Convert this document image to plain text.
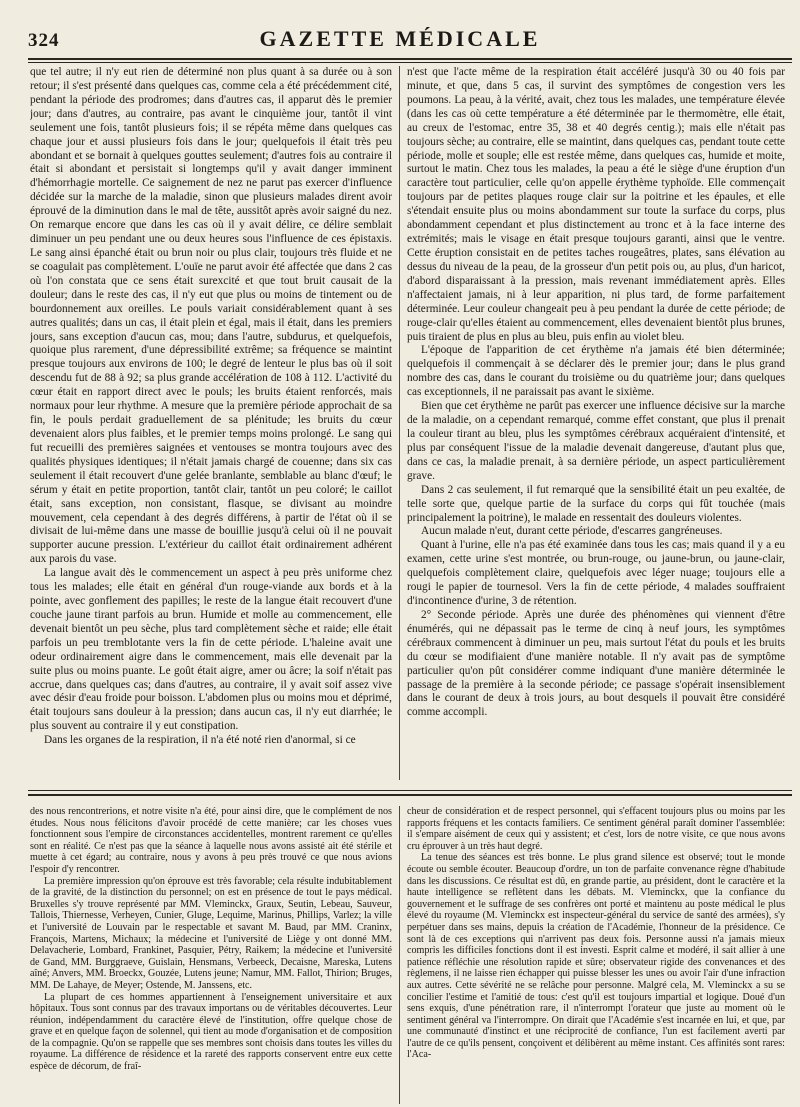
324	GAZETTE MÉDICALE

que tel autre; il n'y eut rien de déterminé non plus quant à sa durée ou à son retour; il s'est présenté dans quelques cas, comme cela a été précédemment cité, pendant la période des prodromes; dans d'autres cas, il apparut dès le premier jour; dans d'autres, au contraire, pas avant le cinquième jour, tantôt il vint seulement une fois, tantôt plusieurs fois; il se répéta même dans quelques cas chaque jour et aussi plusieurs fois dans le jour; quelquefois il était très peu abondant et se bornait à quelques gouttes seulement; d'autres fois au contraire il était si abondant et persistait si longtemps qu'il y avait danger imminent d'hémorrhagie mortelle. Ce saignement de nez ne parut pas exercer d'influence décidée sur la marche de la maladie, sinon que plusieurs malades dirent avoir éprouvé de la diminution dans le mal de tête, aussitôt après avoir saigné du nez. On remarque encore que dans les cas où il y avait délire, ce délire semblait diminuer un peu pendant une ou deux heures sous l'influence de ces épistaxis. Le sang ainsi épanché était ou brun noir ou plus clair, toujours très fluide et ne se coagulait pas complètement. L'ouïe ne parut avoir été affectée que dans 2 cas où l'on constata que ce sens était surexcité et que tout bruit causait de la douleur; dans le reste des cas, il n'y eut que plus ou moins de tintement ou de bourdonnement aux oreilles. Le pouls variait considérablement quant à ses autres qualités; dans un cas, il était plein et égal, mais il était, dans les premiers jours, sans exception d'aucun cas, mou; dans l'autre, subdurus, et quelquefois, quoique plus rarement, d'une dépressibilité extrême; sa fréquence se maintint presque toujours aux environs de 100; le degré de lenteur le plus bas où il soit descendu fut de 88 à 92; sa plus grande accélération de 108 à 112. L'activité du cœur était en rapport direct avec le pouls; les bruits étaient renforcés, mais normaux pour leur rhythme. A mesure que la première période approchait de sa fin, le pouls perdait graduellement de sa plénitude; les bruits du cœur devenaient alors plus faibles, et le premier temps moins prolongé. Le sang qui fut recueilli des premières saignées et ventouses se montra toujours avec des qualités physiques identiques; il n'était jamais chargé de couenne; dans six cas seulement il était recouvert d'une gelée branlante, semblable au blanc d'œuf; le sérum y était en petite proportion, tantôt clair, tantôt un peu coloré; le caillot était, sans exception, non consistant, flasque, se divisant au moindre mouvement, cela cependant à des degrés différens, à partir de l'état où il se divisait de lui-même dans une masse de bouillie jusqu'à celui où il ne pouvait supporter aucune pression. L'extérieur du caillot était ordinairement adhérent aux parois du vase.

La langue avait dès le commencement un aspect à peu près uniforme chez tous les malades; elle était en général d'un rouge-viande aux bords et à la pointe, avec gonflement des papilles; le reste de la langue était recouvert d'une couche jaune tirant parfois au brun. Humide et molle au commencement, elle devenait bientôt un peu sèche, plus tard complètement sèche et raide; elle était parfois un peu tremblotante vers la fin de cette période. L'haleine avait une odeur ordinairement aigre dans le commencement, mais elle devenait par la suite plus ou moins puante. Le goût était aigre, amer ou âcre; la soif n'était pas accrue, dans quelques cas; dans d'autres, au contraire, il y avait soif assez vive avec désir d'eau froide pour boisson. L'abdomen plus ou moins mou et déprimé, était toujours sans douleur à la pression; dans aucun cas, il n'y eut diarrhée; le plus souvent au contraire il y eut constipation.

Dans les organes de la respiration, il n'a été noté rien d'anormal, si ce

n'est que l'acte même de la respiration était accéléré jusqu'à 30 ou 40 fois par minute, et que, dans 5 cas, il survint des symptômes de congestion vers les poumons. La peau, à la vérité, avait, chez tous les malades, une température élevée (dans les cas où cette température a été déterminée par le thermomètre, elle était, au creux de l'estomac, entre 35, 38 et 40 degrés centig.); mais elle n'était pas toujours sèche; au contraire, elle se maintint, dans quelques cas, pendant toute cette période, molle et souple; elle est restée même, dans quelques cas, humide et moite, surtout le matin. Chez tous les malades, la peau a été le siège d'une éruption d'un caractère tout particulier, celle qu'on appelle érythème typhoïde. Elle commençait toujours par de petites plaques rouge clair sur la poitrine et les épaules, et elle s'étendait ensuite plus ou moins abondamment sur toute la surface du corps, plus abondamment cependant et plus distinctement au tronc et à la face interne des extrémités; mais le visage en était presque toujours garanti, ainsi que le ventre. Cette éruption consistait en de petites taches rougeâtres, plates, sans élévation au dessus du niveau de la peau, de la grosseur d'un petit pois ou, au plus, d'un haricot, d'abord disparaissant à la pression, mais revenant immédiatement après. Elles n'affectaient jamais, ni à leur apparition, ni plus tard, de forme parfaitement déterminée. Leur couleur changeait peu à peu pendant la durée de cette période; de rouge-clair qu'elles étaient au commencement, elles devenaient bientôt plus brunes, puis tiraient de plus en plus au bleu, puis enfin au violet bleu.

L'époque de l'apparition de cet érythème n'a jamais été bien déterminée; quelquefois il commençait à se déclarer dès le premier jour; dans le plus grand nombre des cas, dans le courant du troisième ou du quatrième jour; dans quelques cas exceptionnels, il ne paraissait pas avant le sixième.

Bien que cet érythème ne parût pas exercer une influence décisive sur la marche de la maladie, on a cependant remarqué, comme effet constant, que plus il prenait la couleur tirant au bleu, plus les symptômes cérébraux acquéraient d'intensité, et plus par conséquent l'issue de la maladie devenait dangereuse, d'autant plus que, dans ce cas, la maladie prenait, à sa dernière période, un aspect particulièrement grave.

Dans 2 cas seulement, il fut remarqué que la sensibilité était un peu exaltée, de telle sorte que, quelque partie de la surface du corps qui fût touchée (mais principalement la poitrine), le malade en ressentait des douleurs violentes.

Aucun malade n'eut, durant cette période, d'escarres gangréneuses.

Quant à l'urine, elle n'a pas été examinée dans tous les cas; mais quand il y a eu examen, cette urine s'est montrée, ou brun-rouge, ou jaune-brun, ou jaune-clair, quelquefois complètement claire, quelquefois avec léger nuage; toujours elle a rougi le papier de tournesol. Vers la fin de cette période, 4 malades souffraient d'incontinence d'urine, 3 de rétention.

2° Seconde période. Après une durée des phénomènes qui viennent d'être énumérés, qui ne dépassait pas le terme de cinq à neuf jours, les symptômes cérébraux commencent à diminuer un peu, mais surtout l'état du pouls et les bruits du cœur se modifiaient d'une manière notable. Il n'y avait pas de symptôme particulier qu'on pût considérer comme indiquant d'une manière déterminée le passage de la première à la seconde période; ce passage s'opérait insensiblement dans le courant de deux à trois jours, au bout desquels il pouvait être considéré comme accompli.

des nous rencontrerions, et notre visite n'a été, pour ainsi dire, que le complément de nos études. Nous nous félicitons d'avoir procédé de cette manière; car les choses vues fonctionnent sous l'empire de circonstances accidentelles, montrent rarement ce qu'elles sont en réalité. Ce n'est pas que la séance à laquelle nous avons assisté ait été stérile et muette à cet égard; au contraire, nous y avons à peu près trouvé ce que nous avions l'espoir d'y rencontrer.

La première impression qu'on éprouve est très favorable; cela résulte indubitablement de la gravité, de la distinction du personnel; on est en présence de tout le pays médical. Bruxelles s'y trouve représenté par MM. Vleminckx, Graux, Seutin, Lebeau, Sauveur, Tallois, Thiernesse, Verheyen, Cunier, Gluge, Lequime, Marinus, Phillips, Varlez; la ville et l'université de Louvain par le respectable et savant M. Baud, par MM. Craninx, François, Martens, Michaux; la médecine et l'université de Liège y ont donné MM. Delavacherie, Lombard, Frankinet, Pasquier, Pétry, Raikem; la médecine et l'université de Gand, MM. Burggraeve, Guislain, Hensmans, Verbeeck, Decaisne, Mareska, Lutens aîné; Anvers, MM. Broeckx, Gouzée, Lutens jeune; Namur, MM. Fallot, Thirion; Bruges, MM. De Lahaye, de Meyer; Ostende, M. Janssens, etc.

La plupart de ces hommes appartiennent à l'enseignement universitaire et aux hôpitaux. Tous sont connus par des travaux importans ou de véritables découvertes. Leur réunion, indépendamment du caractère élevé de l'institution, offre quelque chose de grave et en quelque façon de solennel, qui tient au mode d'organisation et de composition de la compagnie. Qu'on se rappelle que ses membres sont choisis dans toutes les villes du royaume. La différence de résidence et la rareté des rapports conservent entre eux cette espèce de décorum, de fraî-

cheur de considération et de respect personnel, qui s'effacent toujours plus ou moins par les rapports fréquens et les contacts familiers. Ce sentiment général paraît dominer l'assemblée: il s'empare aisément de ceux qui y assistent; et c'est, lors de notre visite, ce que nous avons cru éprouver à un très haut degré.

La tenue des séances est très bonne. Le plus grand silence est observé; tout le monde écoute ou semble écouter. Beaucoup d'ordre, un ton de parfaite convenance règne d'habitude dans les discussions. Ce résultat est dû, en grande partie, au président, dont le caractère et la haute intelligence se reflètent dans les débats. M. Vleminckx, que la confiance du gouvernement et le suffrage de ses confrères ont porté et maintenu au poste médical le plus élevé du royaume (M. Vleminckx est inspecteur-général du service de santé des armées), s'y perpétuer dans ses mains, depuis la création de l'Académie, l'honneur de la présidence. Ce sont là de ces exceptions qui n'arrivent pas deux fois. Personne aussi n'a jamais mieux compris les difficiles fonctions dont il est investi. Esprit calme et modéré, il sait allier à une patience réfléchie une résolution rapide et sûre; observateur rigide des convenances et des règlemens, il ne laisse rien échapper qui puisse blesser les unes ou avoir l'air d'une infraction aux autres. Cette sévérité ne se relâche pour personne. Malgré cela, M. Vleminckx a su se concilier l'estime et l'amitié de tous: c'est qu'il est toujours impartial et logique. Doué d'un sens exquis, d'une pénétration rare, il n'interrompt l'orateur que juste au moment où le sentiment général va l'interrompre. On dirait que l'Académie s'est incarnée en lui, et que, par une communauté d'instinct et une réciprocité de confiance, l'un est facilement averti par l'autre de ce qu'ils pensent, conçoivent et délibèrent au même instant. Ces affinités sont rares: l'Aca-
